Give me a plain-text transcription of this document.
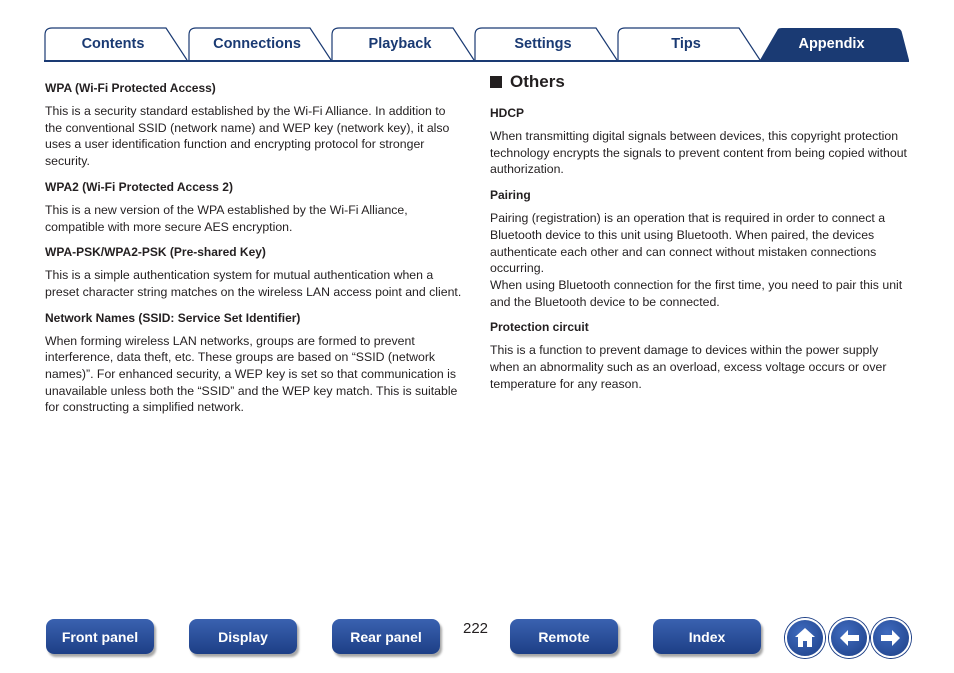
Contents	Connections	Playback	Settings	Tips	Appendix
WPA (Wi-Fi Protected Access)
This is a security standard established by the Wi-Fi Alliance. In addition to the conventional SSID (network name) and WEP key (network key), it also uses a user identification function and encrypting protocol for stronger security.
WPA2 (Wi-Fi Protected Access 2)
This is a new version of the WPA established by the Wi-Fi Alliance, compatible with more secure AES encryption.
WPA-PSK/WPA2-PSK (Pre-shared Key)
This is a simple authentication system for mutual authentication when a preset character string matches on the wireless LAN access point and client.
Network Names (SSID: Service Set Identifier)
When forming wireless LAN networks, groups are formed to prevent interference, data theft, etc. These groups are based on “SSID (network names)”. For enhanced security, a WEP key is set so that communication is unavailable unless both the “SSID” and the WEP key match. This is suitable for constructing a simplified network.
Others
HDCP
When transmitting digital signals between devices, this copyright protection technology encrypts the signals to prevent content from being copied without authorization.
Pairing
Pairing (registration) is an operation that is required in order to connect a Bluetooth device to this unit using Bluetooth. When paired, the devices authenticate each other and can connect without mistaken connections occurring.
When using Bluetooth connection for the first time, you need to pair this unit and the Bluetooth device to be connected.
Protection circuit
This is a function to prevent damage to devices within the power supply when an abnormality such as an overload, excess voltage occurs or over temperature for any reason.
Front panel	Display	Rear panel	222	Remote	Index
